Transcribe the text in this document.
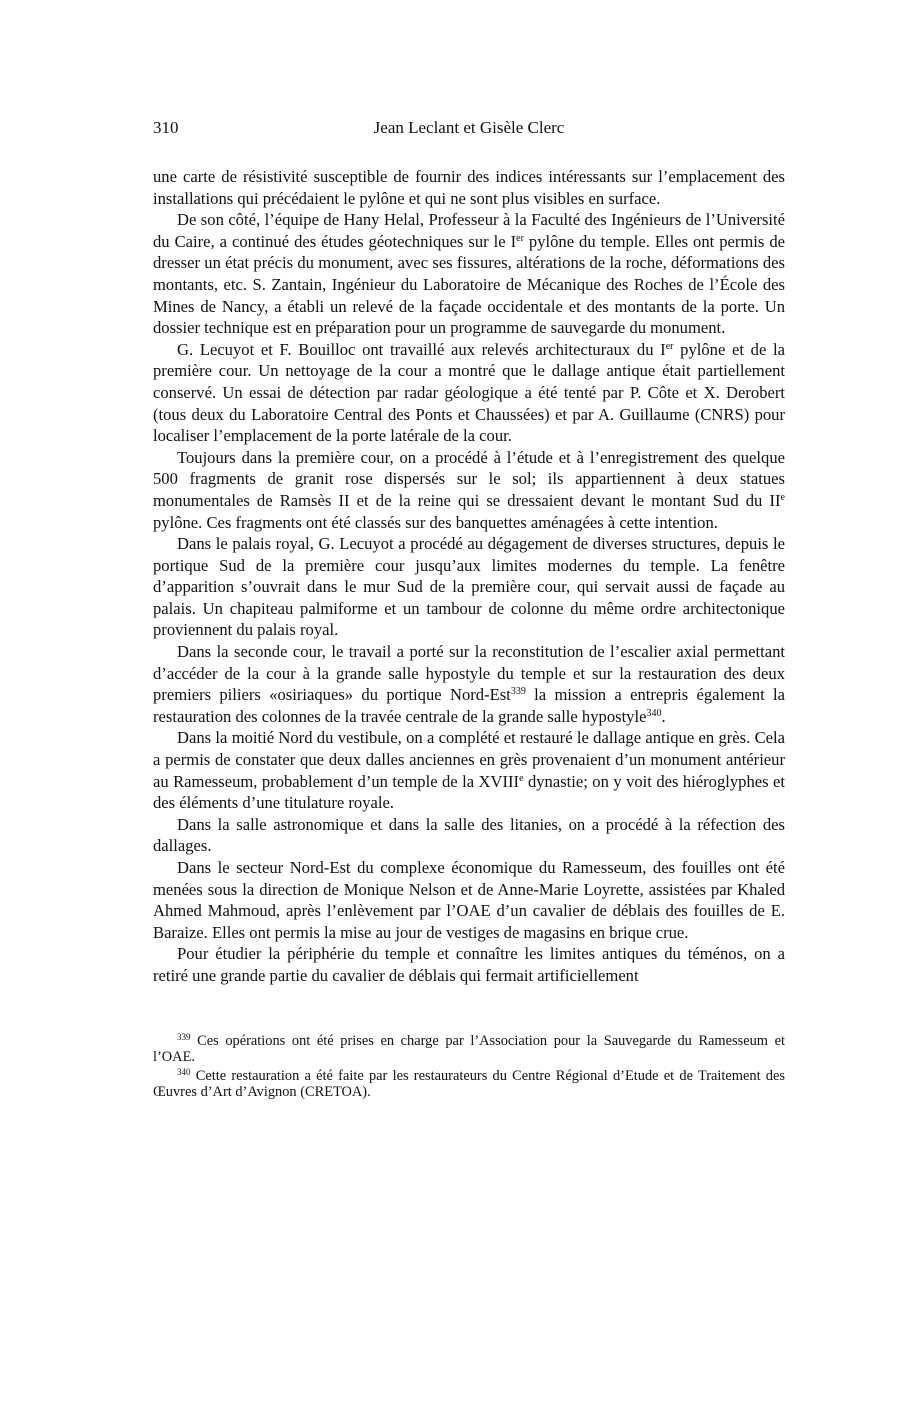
310	Jean Leclant et Gisèle Clerc

une carte de résistivité susceptible de fournir des indices intéressants sur l’emplacement des installations qui précédaient le pylône et qui ne sont plus visibles en surface.

De son côté, l’équipe de Hany Helal, Professeur à la Faculté des Ingénieurs de l’Université du Caire, a continué des études géotechniques sur le Ier pylône du temple. Elles ont permis de dresser un état précis du monument, avec ses fissures, altérations de la roche, déformations des montants, etc. S. Zantain, Ingénieur du Laboratoire de Mécanique des Roches de l’École des Mines de Nancy, a établi un relevé de la façade occidentale et des montants de la porte. Un dossier technique est en préparation pour un programme de sauvegarde du monument.

G. Lecuyot et F. Bouilloc ont travaillé aux relevés architecturaux du Ier pylône et de la première cour. Un nettoyage de la cour a montré que le dallage antique était partiellement conservé. Un essai de détection par radar géologique a été tenté par P. Côte et X. Derobert (tous deux du Laboratoire Central des Ponts et Chaussées) et par A. Guillaume (CNRS) pour localiser l’emplacement de la porte latérale de la cour.

Toujours dans la première cour, on a procédé à l’étude et à l’enregistrement des quelque 500 fragments de granit rose dispersés sur le sol; ils appartiennent à deux statues monumentales de Ramsès II et de la reine qui se dressaient devant le montant Sud du IIe pylône. Ces fragments ont été classés sur des banquettes aménagées à cette intention.

Dans le palais royal, G. Lecuyot a procédé au dégagement de diverses structures, depuis le portique Sud de la première cour jusqu’aux limites modernes du temple. La fenêtre d’apparition s’ouvrait dans le mur Sud de la première cour, qui servait aussi de façade au palais. Un chapiteau palmiforme et un tambour de colonne du même ordre architectonique proviennent du palais royal.

Dans la seconde cour, le travail a porté sur la reconstitution de l’escalier axial permettant d’accéder de la cour à la grande salle hypostyle du temple et sur la restauration des deux premiers piliers «osiriaques» du portique Nord-Est$^{339}$ la mission a entrepris également la restauration des colonnes de la travée centrale de la grande salle hypostyle$^{340}$.

Dans la moitié Nord du vestibule, on a complété et restauré le dallage antique en grès. Cela a permis de constater que deux dalles anciennes en grès provenaient d’un monument antérieur au Ramesseum, probablement d’un temple de la XVIIIe dynastie; on y voit des hiéroglyphes et des éléments d’une titulature royale.

Dans la salle astronomique et dans la salle des litanies, on a procédé à la réfection des dallages.

Dans le secteur Nord-Est du complexe économique du Ramesseum, des fouilles ont été menées sous la direction de Monique Nelson et de Anne-Marie Loyrette, assistées par Khaled Ahmed Mahmoud, après l’enlèvement par l’OAE d’un cavalier de déblais des fouilles de E. Baraize. Elles ont permis la mise au jour de vestiges de magasins en brique crue.

Pour étudier la périphérie du temple et connaître les limites antiques du téménos, on a retiré une grande partie du cavalier de déblais qui fermait artificiellement

$^{339}$ Ces opérations ont été prises en charge par l’Association pour la Sauvegarde du Ramesseum et l’OAE.

$^{340}$ Cette restauration a été faite par les restaurateurs du Centre Régional d’Etude et de Traitement des Œuvres d’Art d’Avignon (CRETOA).
